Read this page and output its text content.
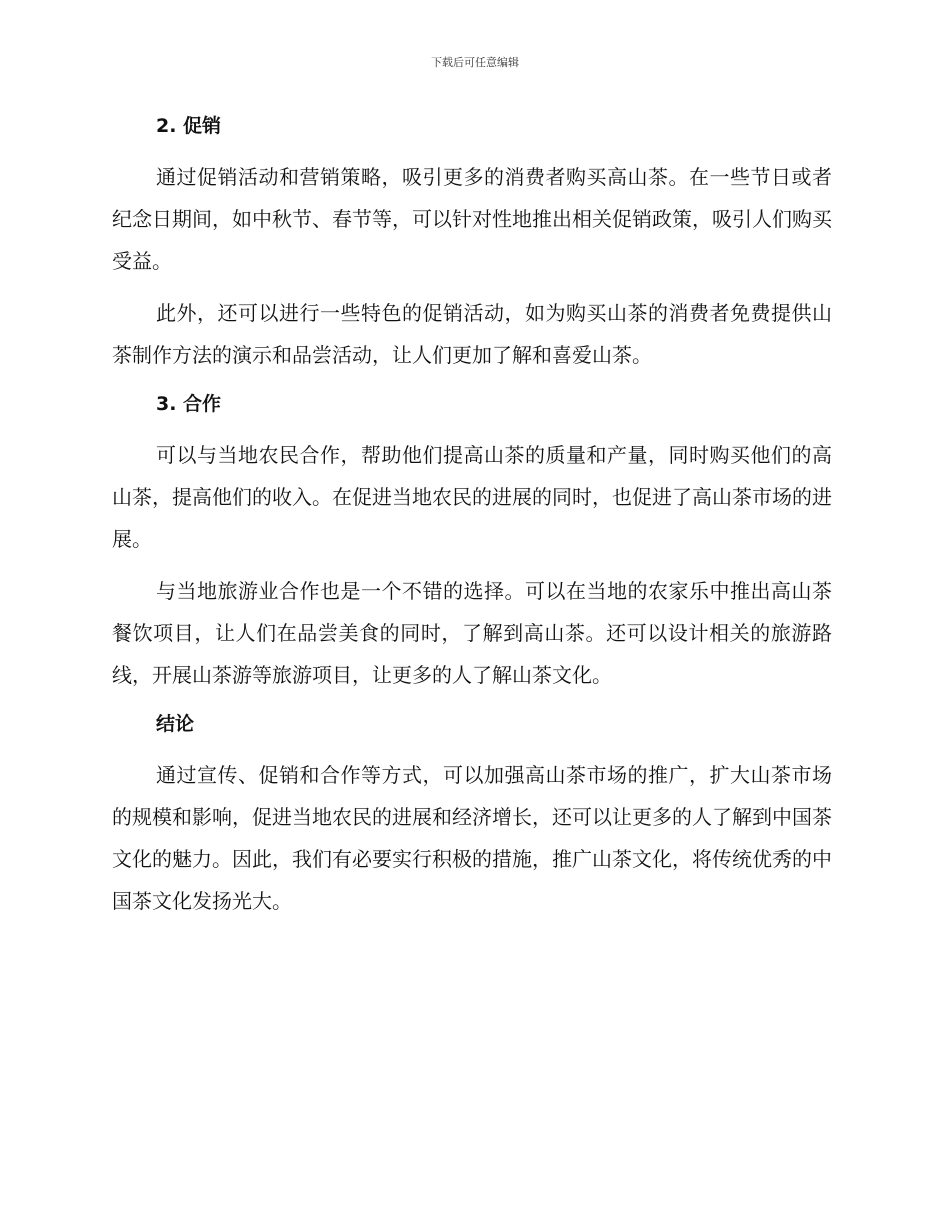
下载后可任意编辑
2. 促销

通过促销活动和营销策略，吸引更多的消费者购买高山茶。在一些节日或者纪念日期间，如中秋节、春节等，可以针对性地推出相关促销政策，吸引人们购买受益。

此外，还可以进行一些特色的促销活动，如为购买山茶的消费者免费提供山茶制作方法的演示和品尝活动，让人们更加了解和喜爱山茶。

3. 合作

可以与当地农民合作，帮助他们提高山茶的质量和产量，同时购买他们的高山茶，提高他们的收入。在促进当地农民的进展的同时，也促进了高山茶市场的进展。

与当地旅游业合作也是一个不错的选择。可以在当地的农家乐中推出高山茶餐饮项目，让人们在品尝美食的同时，了解到高山茶。还可以设计相关的旅游路线，开展山茶游等旅游项目，让更多的人了解山茶文化。

结论

通过宣传、促销和合作等方式，可以加强高山茶市场的推广，扩大山茶市场的规模和影响，促进当地农民的进展和经济增长，还可以让更多的人了解到中国茶文化的魅力。因此，我们有必要实行积极的措施，推广山茶文化，将传统优秀的中国茶文化发扬光大。
